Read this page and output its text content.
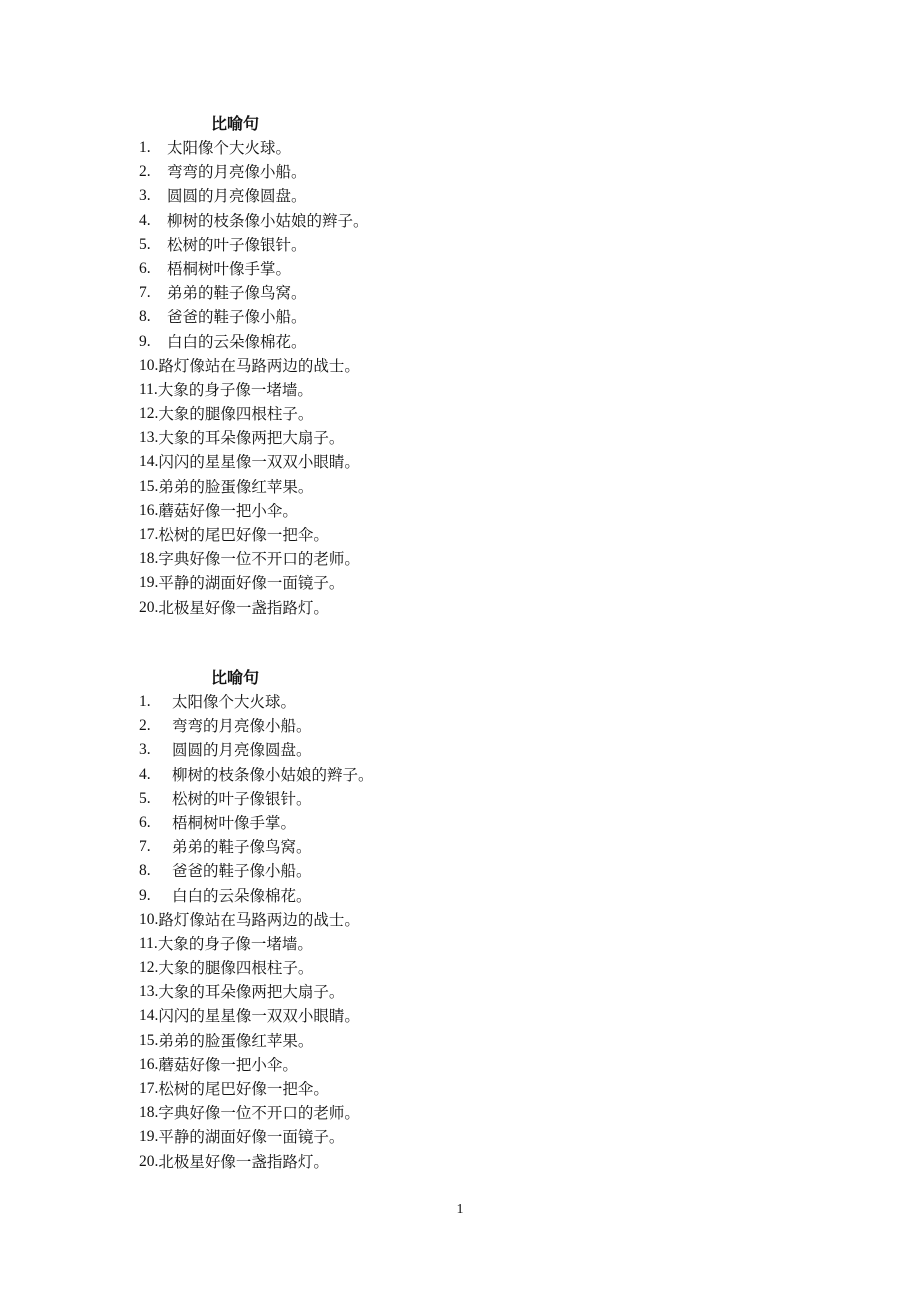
比喻句
1.	太阳像个大火球。
2.	弯弯的月亮像小船。
3.	圆圆的月亮像圆盘。
4.	柳树的枝条像小姑娘的辫子。
5.	松树的叶子像银针。
6.	梧桐树叶像手掌。
7.	弟弟的鞋子像鸟窝。
8.	爸爸的鞋子像小船。
9.	白白的云朵像棉花。
10. 路灯像站在马路两边的战士。
11. 大象的身子像一堵墙。
12. 大象的腿像四根柱子。
13. 大象的耳朵像两把大扇子。
14. 闪闪的星星像一双双小眼睛。
15. 弟弟的脸蛋像红苹果。
16. 蘑菇好像一把小伞。
17. 松树的尾巴好像一把伞。
18. 字典好像一位不开口的老师。
19. 平静的湖面好像一面镜子。
20. 北极星好像一盏指路灯。
比喻句
1.	太阳像个大火球。
2.	弯弯的月亮像小船。
3.	圆圆的月亮像圆盘。
4.	柳树的枝条像小姑娘的辫子。
5.	松树的叶子像银针。
6.	梧桐树叶像手掌。
7.	弟弟的鞋子像鸟窝。
8.	爸爸的鞋子像小船。
9.	白白的云朵像棉花。
10. 路灯像站在马路两边的战士。
11. 大象的身子像一堵墙。
12. 大象的腿像四根柱子。
13. 大象的耳朵像两把大扇子。
14. 闪闪的星星像一双双小眼睛。
15. 弟弟的脸蛋像红苹果。
16. 蘑菇好像一把小伞。
17. 松树的尾巴好像一把伞。
18. 字典好像一位不开口的老师。
19. 平静的湖面好像一面镜子。
20. 北极星好像一盏指路灯。
1
